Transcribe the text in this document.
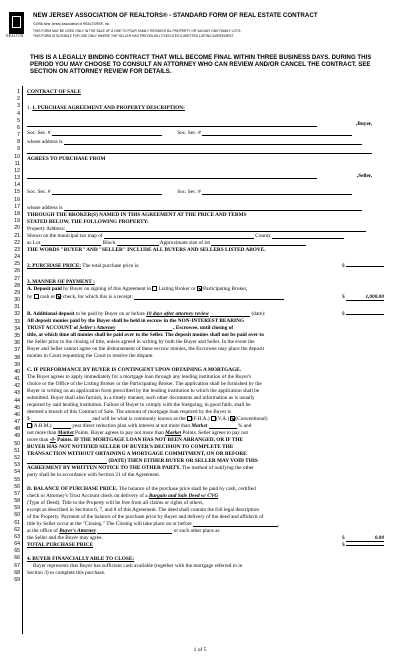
REALTOR
NEW JERSEY ASSOCIATION OF REALTORS® - STANDARD FORM OF REAL ESTATE CONTRACT
©1996 New Jersey Association of REALTORS®, Inc.
THIS FORM MAY BE USED ONLY IN THE SALE OF A ONE TO FOUR FAMILY RESIDENTIAL PROPERTY OR VACANT ONE FAMILY LOTS.
THIS FORM IS SUITABLE FOR USE ONLY WHERE THE SELLER HAS PREVIOUSLY EXECUTED A WRITTEN LISTING AGREEMENT.
THIS IS A LEGALLY BINDING CONTRACT THAT WILL BECOME FINAL WITHIN THREE BUSINESS DAYS. DURING THIS PERIOD YOU MAY CHOOSE TO CONSULT AN ATTORNEY WHO CAN REVIEW AND/OR CANCEL THE CONTRACT. SEE SECTION ON ATTORNEY REVIEW FOR DETAILS.
1
2
3
4
5
6
7
8
9
10
11
12
13
14
15
16
17
18
19
20
21
22
23
24
25
26
27
28
29
30
31
32
33
34
35
36
37
38
39
40
41
42
43
44
45
46
47
48
49
50
51
52
53
54
55
56
57
58
59
60
61
62
63
64
65
66
67
68
69
CONTRACT OF SALE
1. 1. PURCHASE AGREEMENT AND PROPERTY DESCRIPTION:
,Buyer,
Soc. Sec. #	Soc. Sec. #
whose address is
AGREES TO PURCHASE FROM
,Seller,
Soc. Sec. #	Soc. Sec. #
whose address is
THROUGH THE BROKER(S) NAMED IN THIS AGREEMENT AT THE PRICE AND TERMS
STATED BELOW, THE FOLLOWING PROPERTY:
Property Address:
Shown on the municipal tax map of	County
as Lot	Block	Approximate size of lot
THE WORDS "BUYER" AND "SELLER" INCLUDE ALL BUYERS AND SELLERS LISTED ABOVE.
2. PURCHASE PRICE: The total purchase price is:	$
3. MANNER OF PAYMENT :
A. Deposit paid by Buyer on signing of this Agreement to Listing Broker or Participating Broker,
by cash or check, for which this is a receipt:	$	1,000.00
B. Additional deposit to be paid by Buyer on or before 10 days after attorney review	(date):	$
All deposit monies paid by the Buyer shall be held in escrow in the NON-INTEREST BEARING
TRUST ACCOUNT of Seller's Attorney	, Escrowee, until closing of
title, at which time all monies shall be paid over to the Seller. The deposit monies shall not be paid over to
the Seller prior to the closing of title, unless agreed in writing by both the Buyer and Seller. In the event the
Buyer and Seller cannot agree on the disbursement of these escrow monies, the Escrowee may place the deposit
monies in Court requesting the Court to resolve the dispute.
C. IF PERFORMANCE BY BUYER IS CONTINGENT UPON OBTAINING A MORTGAGE.
The Buyer agrees to apply immediately for a mortgage loan through any lending institution of the Buyer's
choice or the Office of the Listing Broker or the Participating Broker. The application shall be furnished by the
Buyer in writing on an application form prescribed by the lending institution to which the application shall be
submitted. Buyer shall also furnish, in a timely manner, such other documents and information as is usually
required by said lending institution. Failure of Buyer to comply with the foregoing, in good faith, shall be
deemed a breach of this Contract of Sale. The amount of mortgage loan required by the Buyer is
$	and will be what is commonly known as the (F.H.A.) (V.A.) (Conventional)
(A.R.M.)	year direct reduction plan with interest at not more than Market	% and
not more than Market Points. Buyer agrees to pay not more than Market Points. Seller agrees to pay not
more than -0- Points. IF THE MORTGAGE LOAN HAS NOT BEEN ARRANGED, OR IF THE
BUYER HAS NOT NOTIFIED SELLER OF BUYER'S DECISION TO COMPLETE THE
TRANSACTION WITHOUT OBTAINING A MORTGAGE COMMITMENT, ON OR BEFORE
(DATE) THEN EITHER BUYER OR SELLER MAY VOID THIS
AGREEMENT BY WRITTEN NOTICE TO THE OTHER PARTY. The method of notifying the other
party shall be in accordance with Section 21 of the Agreement.
D. BALANCE OF PURCHASE PRICE. The balance of the purchase price shall be paid by cash, certified
check or Attorney's Trust Account check on delivery of a Bargain and Sale Deed w/ CVG
(Type of Deed). Title to the Property will be free from all claims or rights of others,
except as described in Sections 6, 7, and 8 of this Agreement. The deed shall contain the full legal description
of the Property. Payment of the balance of the purchase price by Buyer and delivery of the deed and affidavit of
title by Seller occur at the "Closing." The Closing will take place on or before	,
at the office of Buyer's Attorney	or such other place as
the Seller and the Buyer may agree.	$	0.00
TOTAL PURCHASE PRICE	$
4. BUYER FINANCIALLY ABLE TO CLOSE:
Buyer represents that Buyer has sufficient cash available (together with the mortgage referred to in
Section 3) to complete this purchase.
1 of 5
